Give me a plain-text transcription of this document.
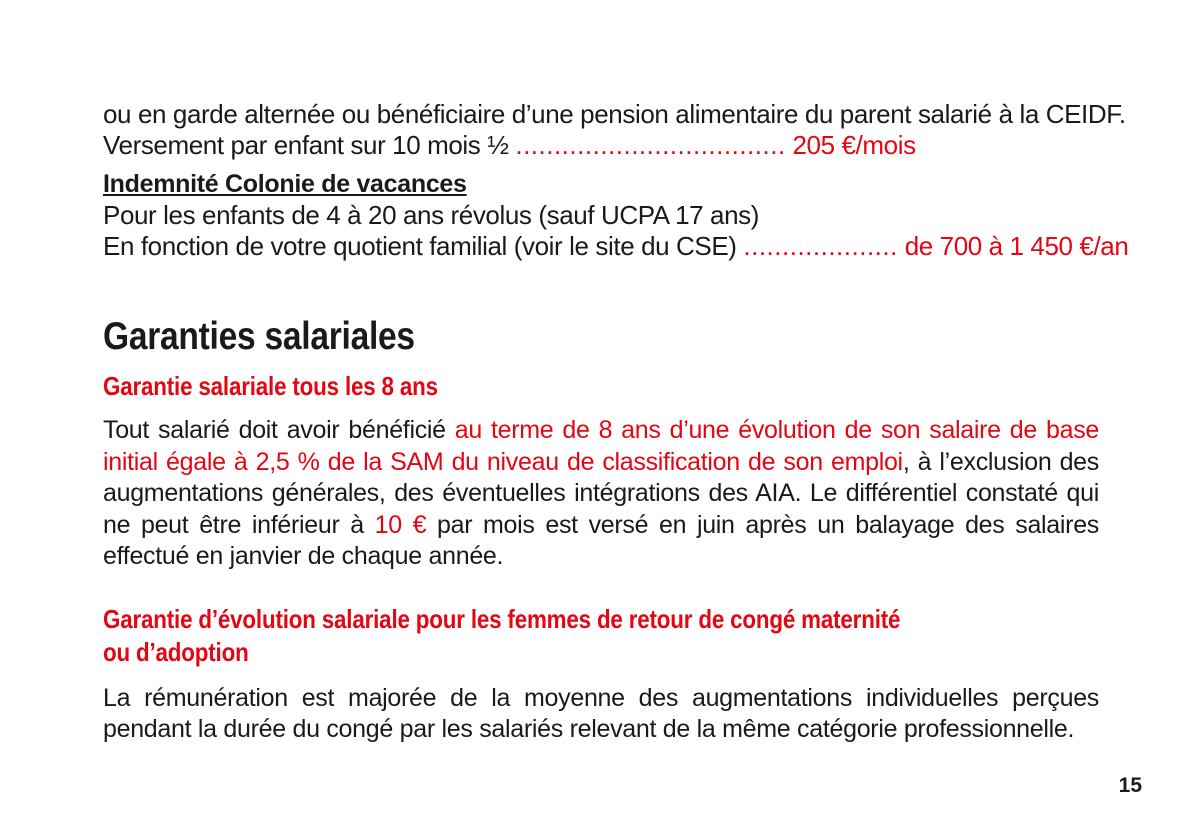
ou en garde alternée ou bénéficiaire d’une pension alimentaire du parent salarié à la CEIDF.
Versement par enfant sur 10 mois ½ ................................... 205 €/mois
Indemnité Colonie de vacances
Pour les enfants de 4 à 20 ans révolus (sauf UCPA 17 ans)
En fonction de votre quotient familial (voir le site du CSE) .................... de 700 à 1 450 €/an
Garanties salariales
Garantie salariale tous les 8 ans
Tout salarié doit avoir bénéficié au terme de 8 ans d’une évolution de son salaire de base initial égale à 2,5 % de la SAM du niveau de classification de son emploi, à l’exclusion des augmentations générales, des éventuelles intégrations des AIA. Le différentiel constaté qui ne peut être inférieur à 10 € par mois est versé en juin après un balayage des salaires effectué en janvier de chaque année.
Garantie d’évolution salariale pour les femmes de retour de congé maternité
ou d’adoption
La rémunération est majorée de la moyenne des augmentations individuelles perçues pendant la durée du congé par les salariés relevant de la même catégorie professionnelle.
15
